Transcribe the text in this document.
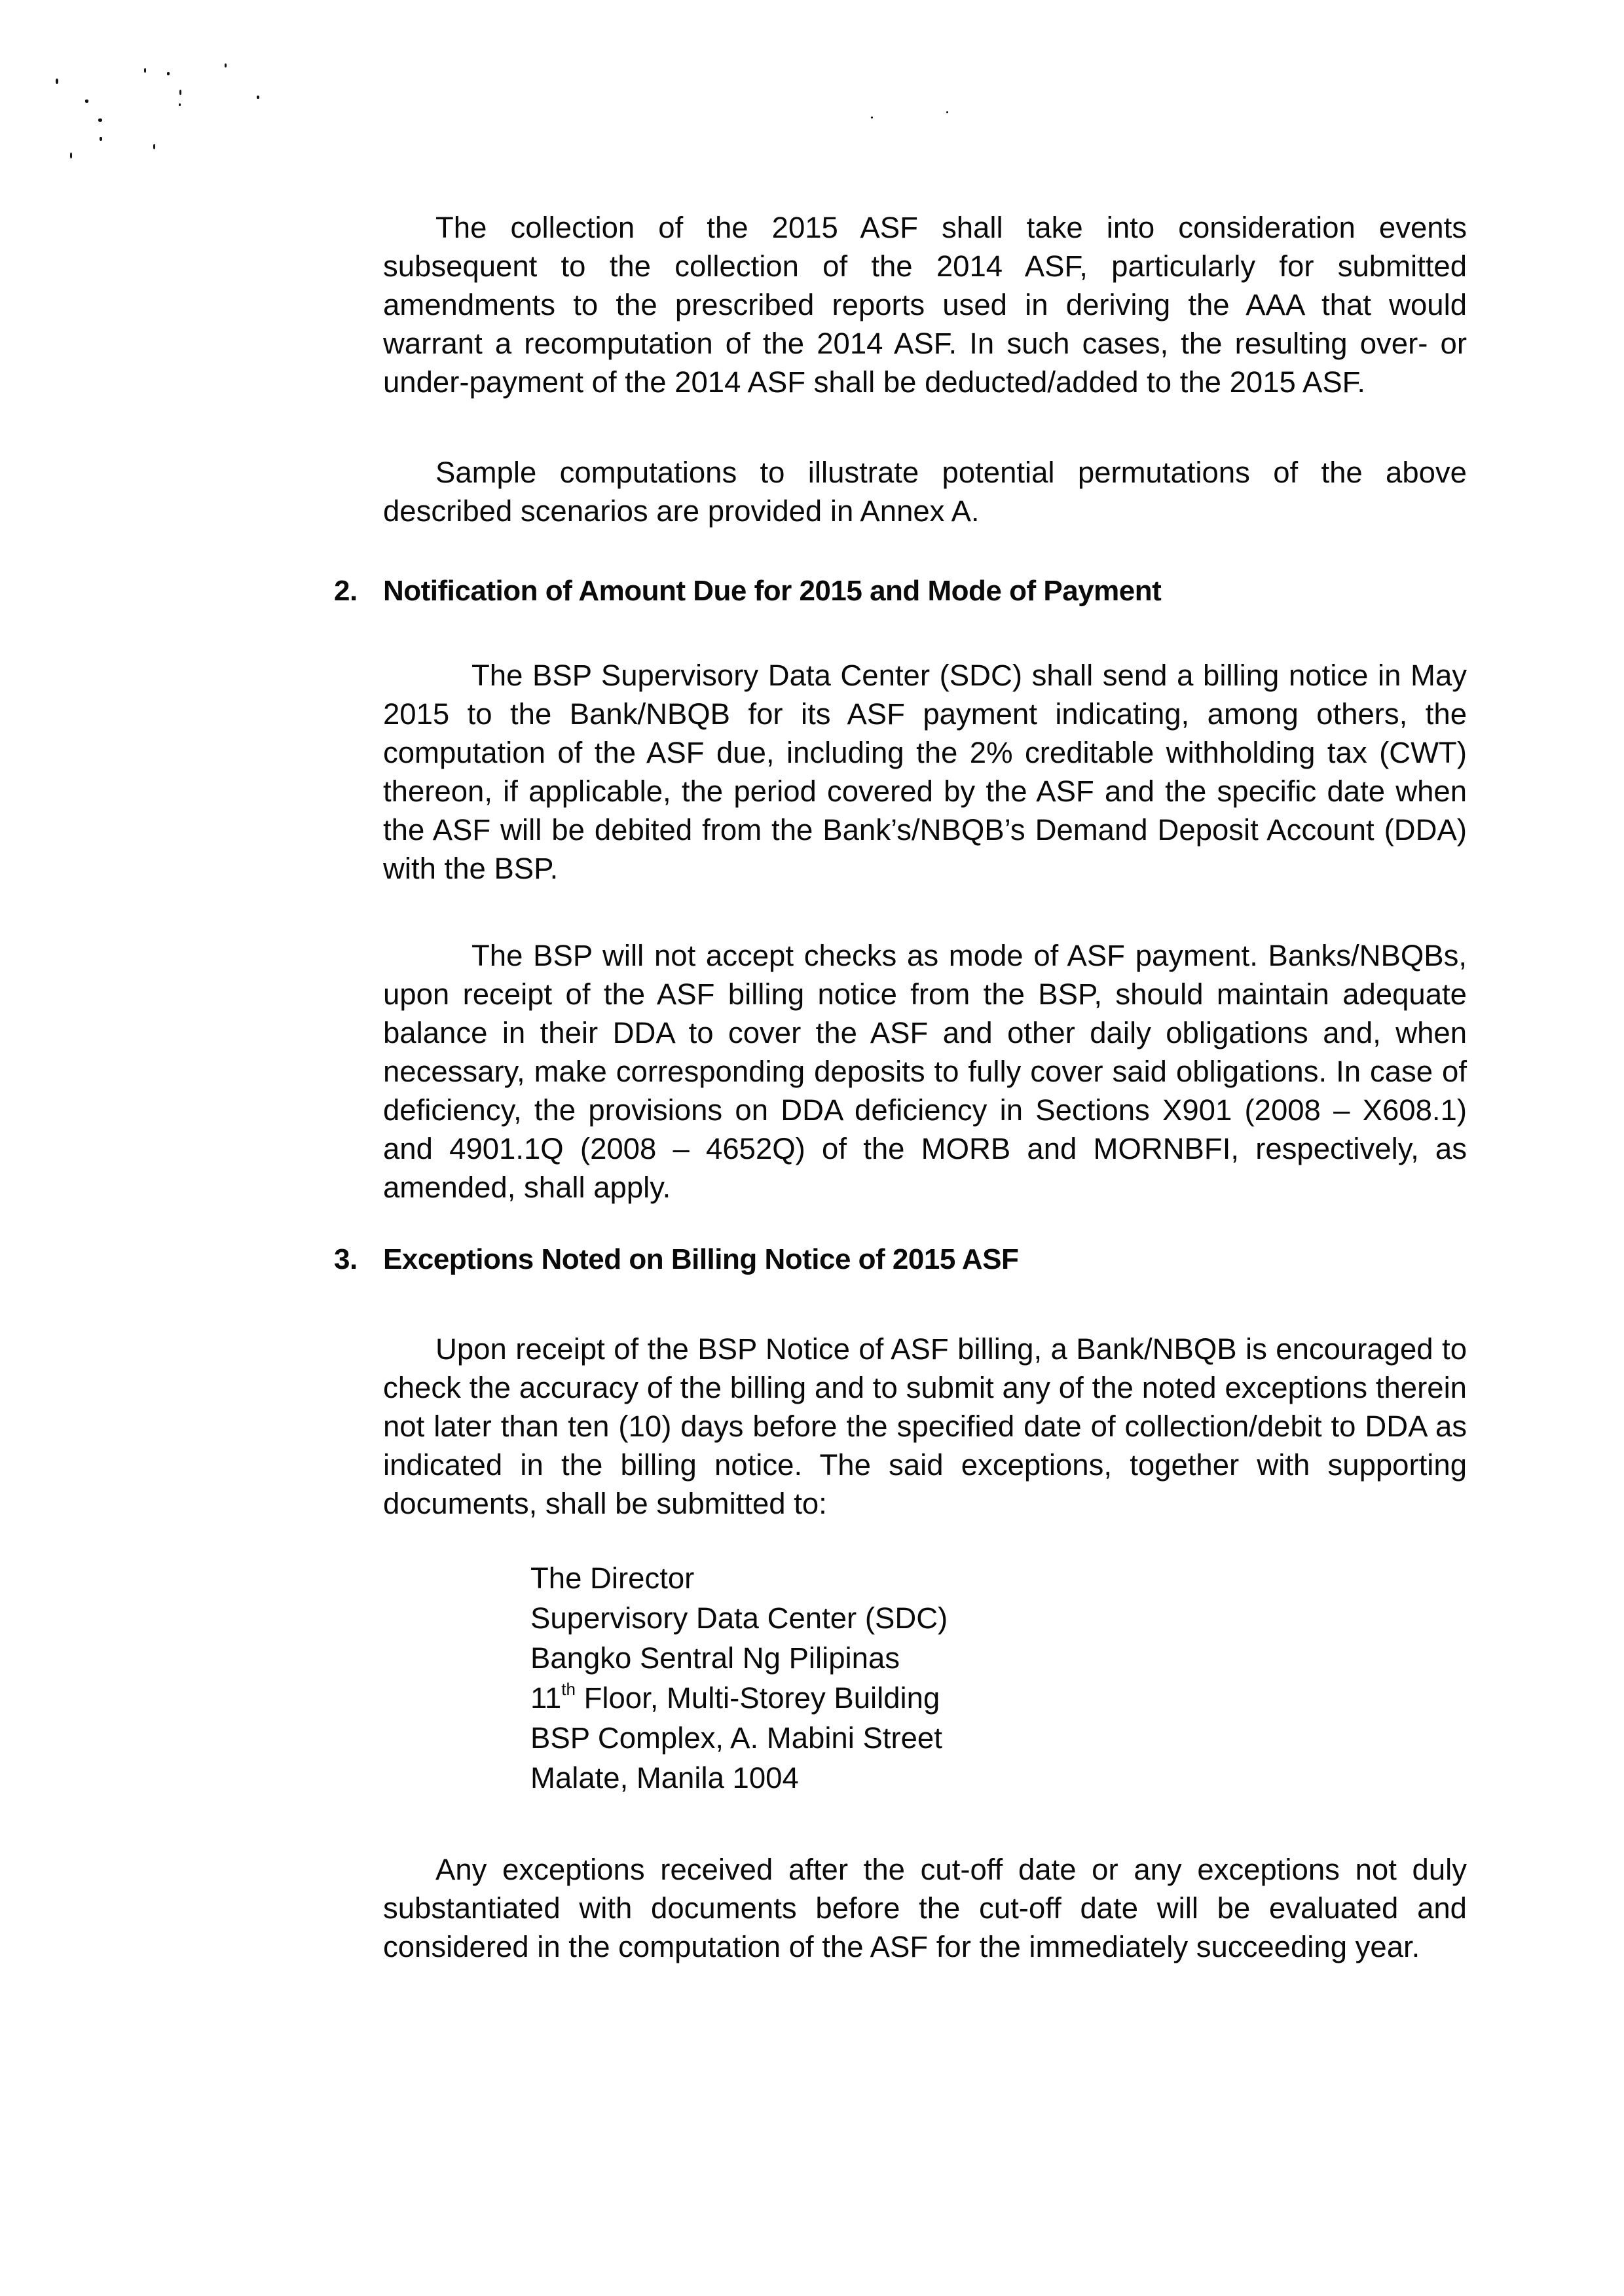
The collection of the 2015 ASF shall take into consideration events subsequent to the collection of the 2014 ASF, particularly for submitted amendments to the prescribed reports used in deriving the AAA that would warrant a recomputation of the 2014 ASF. In such cases, the resulting over- or under-payment of the 2014 ASF shall be deducted/added to the 2015 ASF.
Sample computations to illustrate potential permutations of the above described scenarios are provided in Annex A.
2. Notification of Amount Due for 2015 and Mode of Payment
The BSP Supervisory Data Center (SDC) shall send a billing notice in May 2015 to the Bank/NBQB for its ASF payment indicating, among others, the computation of the ASF due, including the 2% creditable withholding tax (CWT) thereon, if applicable, the period covered by the ASF and the specific date when the ASF will be debited from the Bank’s/NBQB’s Demand Deposit Account (DDA) with the BSP.
The BSP will not accept checks as mode of ASF payment. Banks/NBQBs, upon receipt of the ASF billing notice from the BSP, should maintain adequate balance in their DDA to cover the ASF and other daily obligations and, when necessary, make corresponding deposits to fully cover said obligations. In case of deficiency, the provisions on DDA deficiency in Sections X901 (2008 – X608.1) and 4901.1Q (2008 – 4652Q) of the MORB and MORNBFI, respectively, as amended, shall apply.
3. Exceptions Noted on Billing Notice of 2015 ASF
Upon receipt of the BSP Notice of ASF billing, a Bank/NBQB is encouraged to check the accuracy of the billing and to submit any of the noted exceptions therein not later than ten (10) days before the specified date of collection/debit to DDA as indicated in the billing notice. The said exceptions, together with supporting documents, shall be submitted to:
The Director
Supervisory Data Center (SDC)
Bangko Sentral Ng Pilipinas
11th Floor, Multi-Storey Building
BSP Complex, A. Mabini Street
Malate, Manila 1004
Any exceptions received after the cut-off date or any exceptions not duly substantiated with documents before the cut-off date will be evaluated and considered in the computation of the ASF for the immediately succeeding year.
